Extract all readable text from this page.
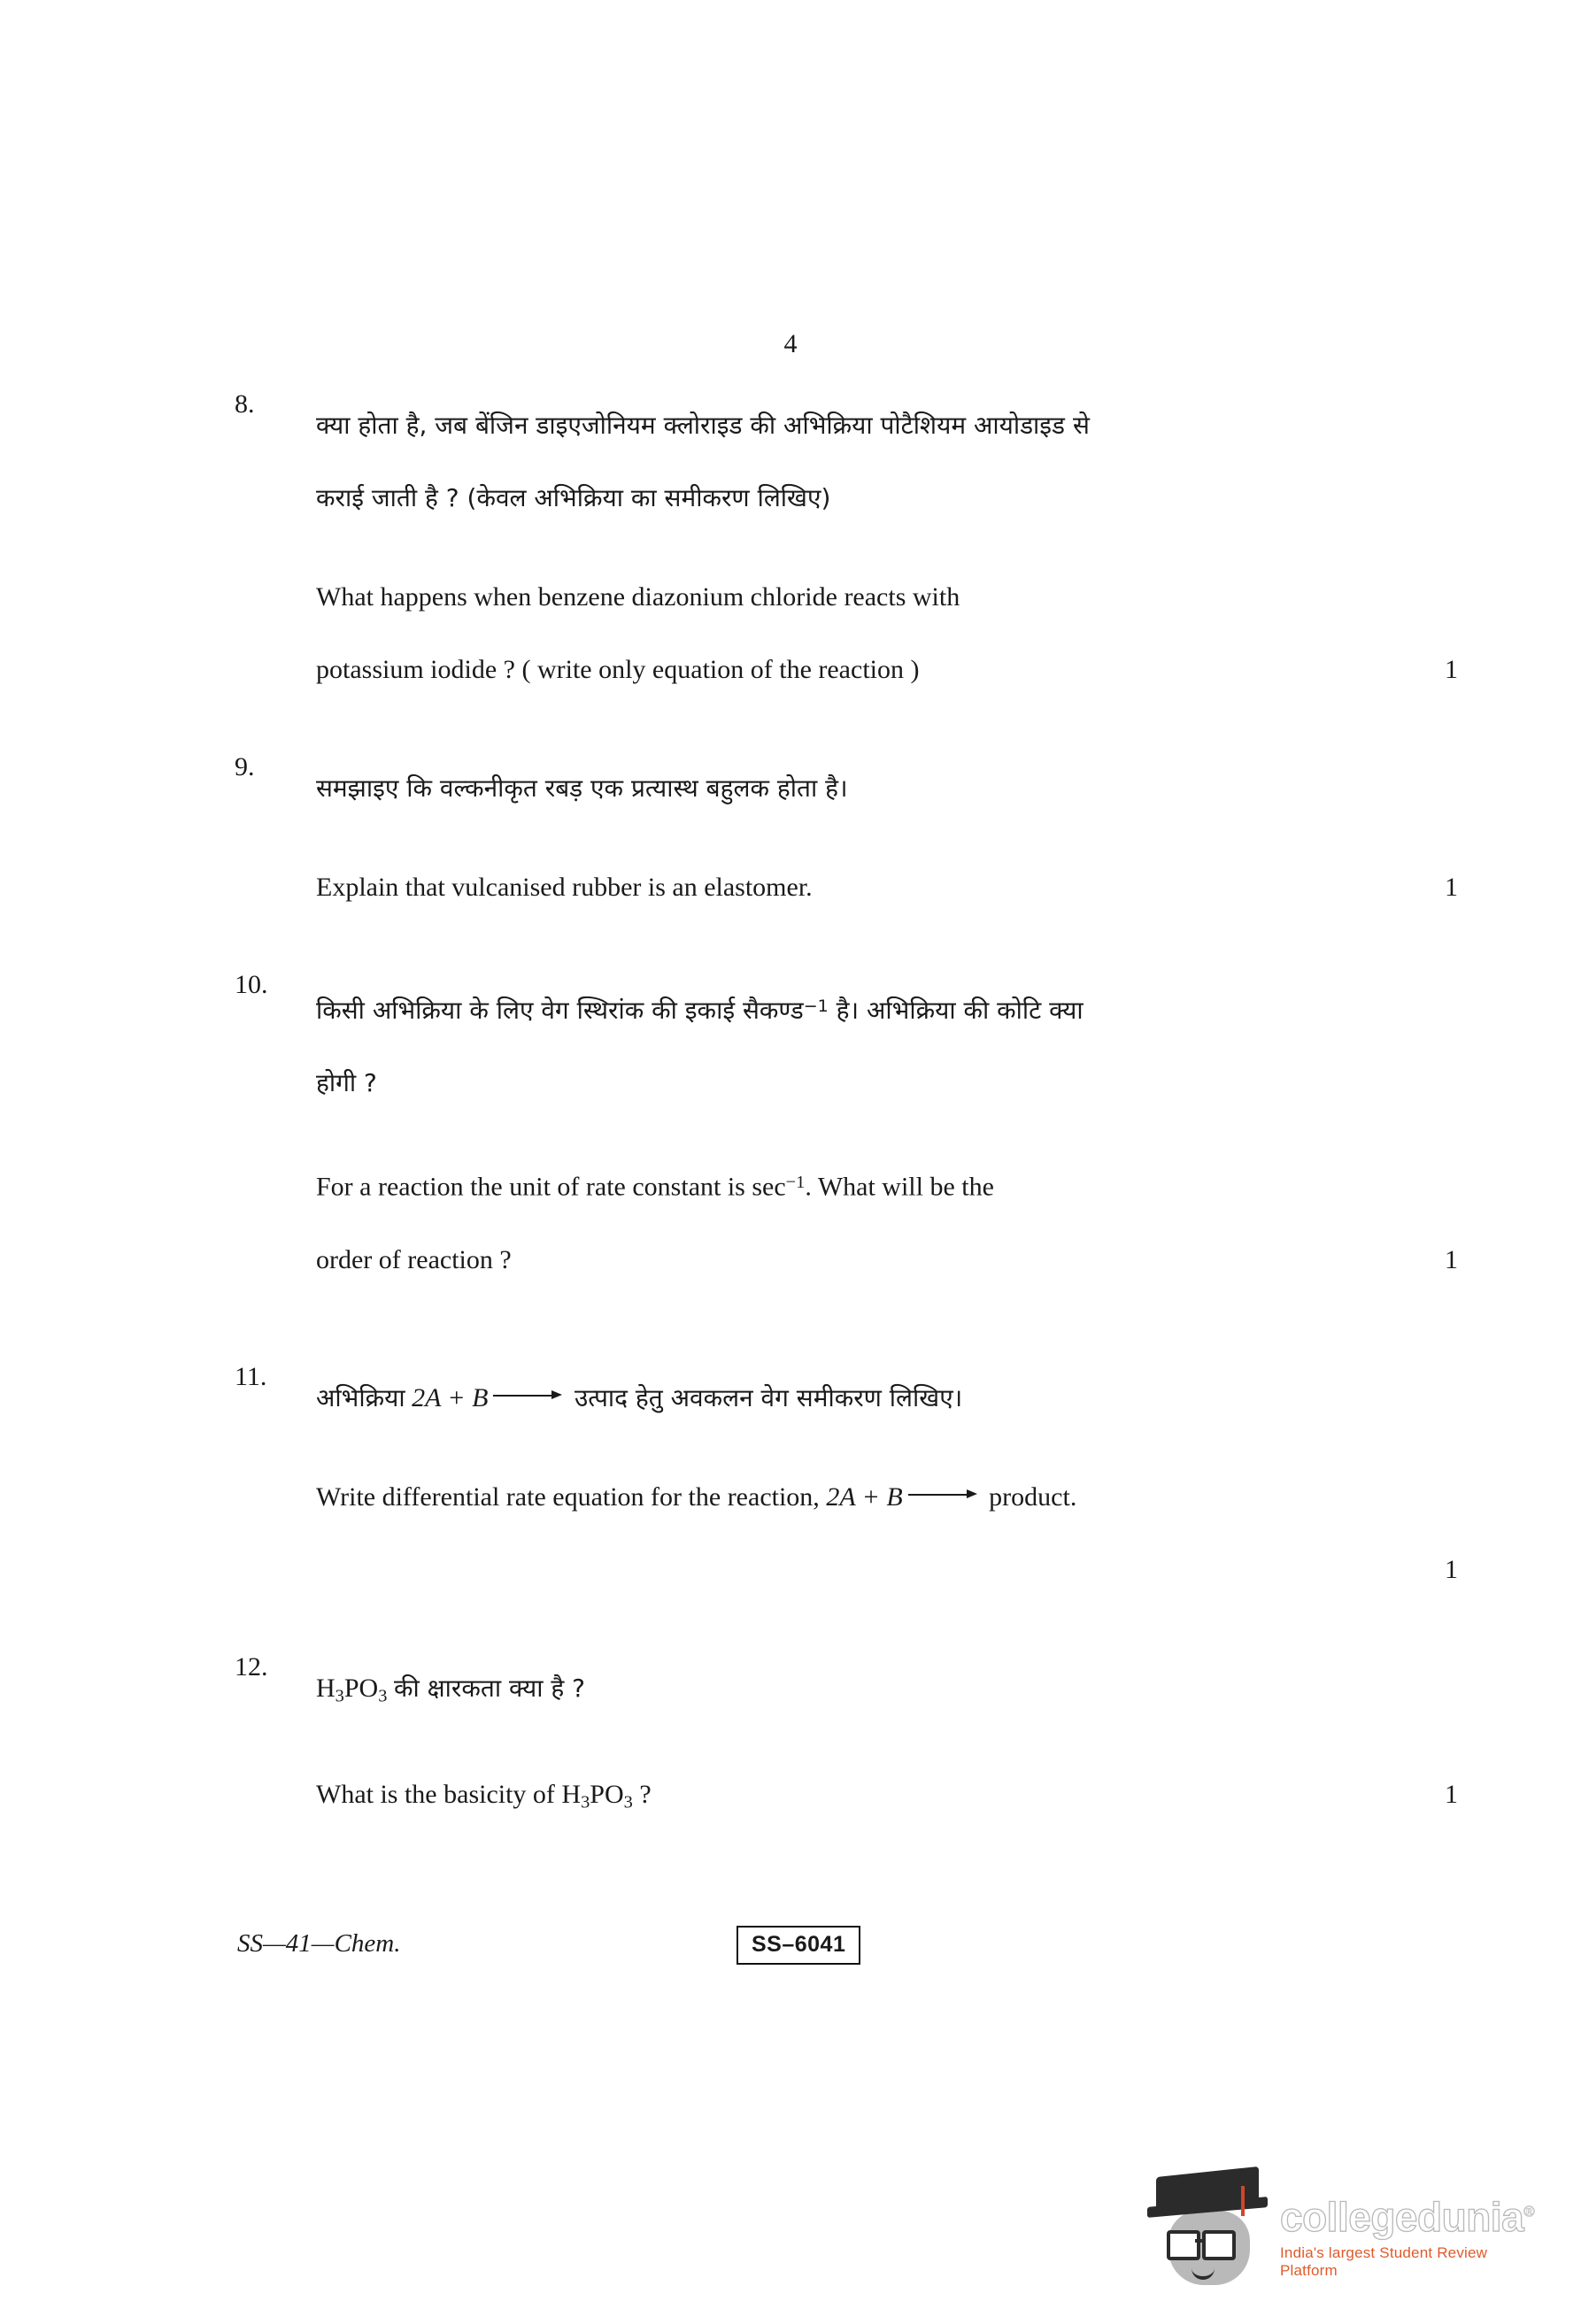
4
8.
क्या होता है, जब बेंजिन डाइएजोनियम क्लोराइड की अभिक्रिया पोटैशियम आयोडाइड से
कराई जाती है ? (केवल अभिक्रिया का समीकरण लिखिए)
What happens when benzene diazonium chloride reacts with
potassium iodide ? ( write only equation of the reaction )	1
9.
समझाइए कि वल्कनीकृत रबड़ एक प्रत्यास्थ बहुलक होता है।
Explain that vulcanised rubber is an elastomer.	1
10.
किसी अभिक्रिया के लिए वेग स्थिरांक की इकाई सैकण्ड$^{-1}$ है। अभिक्रिया की कोटि क्या
होगी ?
For a reaction the unit of rate constant is $\sec^{-1}$. What will be the
order of reaction ?	1
11.
अभिक्रिया 2A + B	उत्पाद हेतु अवकलन वेग समीकरण लिखिए।
Write differential rate equation for the reaction, 2A + B	product.
1
12.
$H_3PO_3$ की क्षारकता क्या है ?
What is the basicity of $H_3PO_3$ ?	1
SS—41—Chem.	SS–6041
collegedunia®
India's largest Student Review Platform
